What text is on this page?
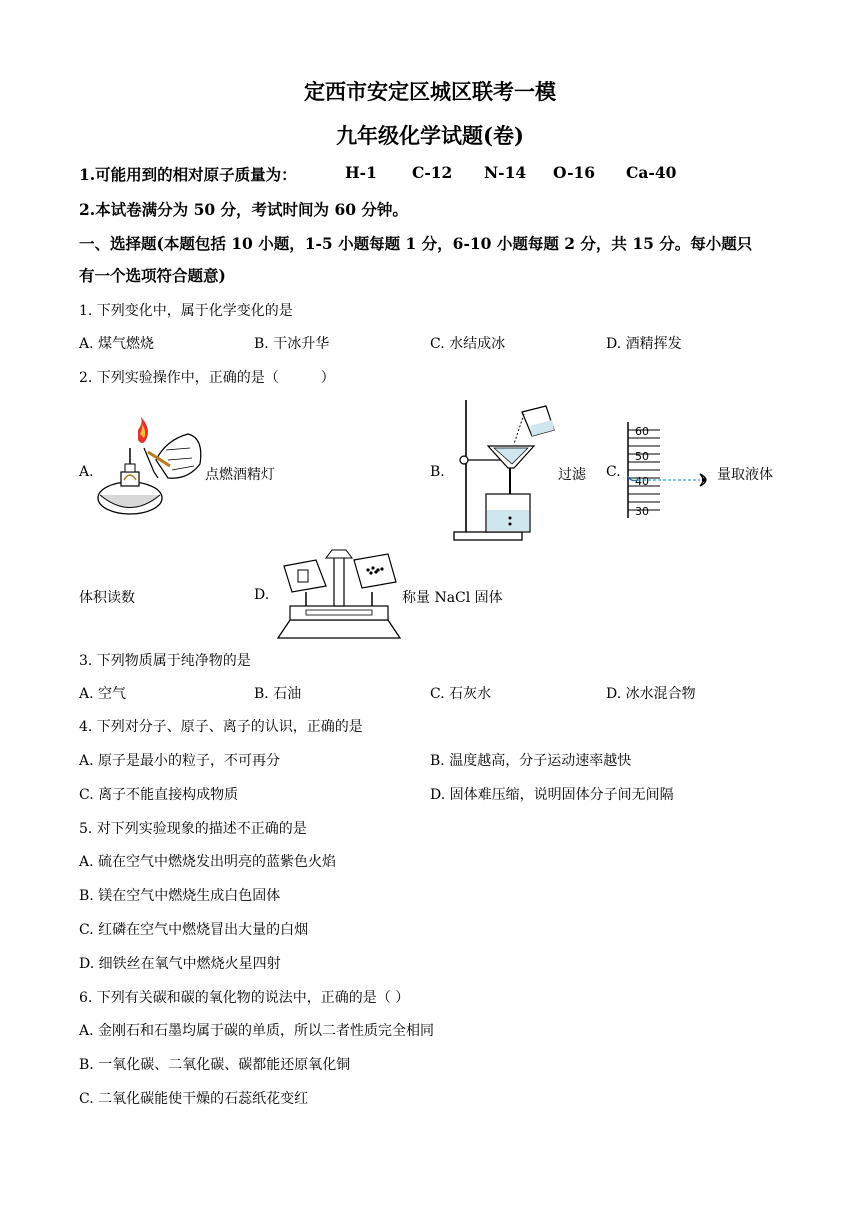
定西市安定区城区联考一模
九年级化学试题(卷)
1.可能用到的相对原子质量为：	H-1 C-12 N-14 O-16 Ca-40
2.本试卷满分为 50 分，考试时间为 60 分钟。
一、选择题(本题包括 10 小题，1-5 小题每题 1 分，6-10 小题每题 2 分，共 15 分。每小题只
有一个选项符合题意)
1. 下列变化中，属于化学变化的是
A. 煤气燃烧	B. 干冰升华	C. 水结成冰	D. 酒精挥发
2. 下列实验操作中，正确的是（　　　）
A.	点燃酒精灯	B.	过滤 C.
60
50
40
30
量取液体
体积读数	D.	称量 NaCl 固体
3. 下列物质属于纯净物的是
A. 空气	B. 石油	C. 石灰水	D. 冰水混合物
4. 下列对分子、原子、离子的认识，正确的是
A. 原子是最小的粒子，不可再分	B. 温度越高，分子运动速率越快
C. 离子不能直接构成物质	D. 固体难压缩，说明固体分子间无间隔
5. 对下列实验现象的描述不正确的是
A. 硫在空气中燃烧发出明亮的蓝紫色火焰
B. 镁在空气中燃烧生成白色固体
C. 红磷在空气中燃烧冒出大量的白烟
D. 细铁丝在氧气中燃烧火星四射
6. 下列有关碳和碳的氧化物的说法中，正确的是（ ）
A. 金刚石和石墨均属于碳的单质，所以二者性质完全相同
B. 一氧化碳、二氧化碳、碳都能还原氧化铜
C. 二氧化碳能使干燥的石蕊纸花变红
